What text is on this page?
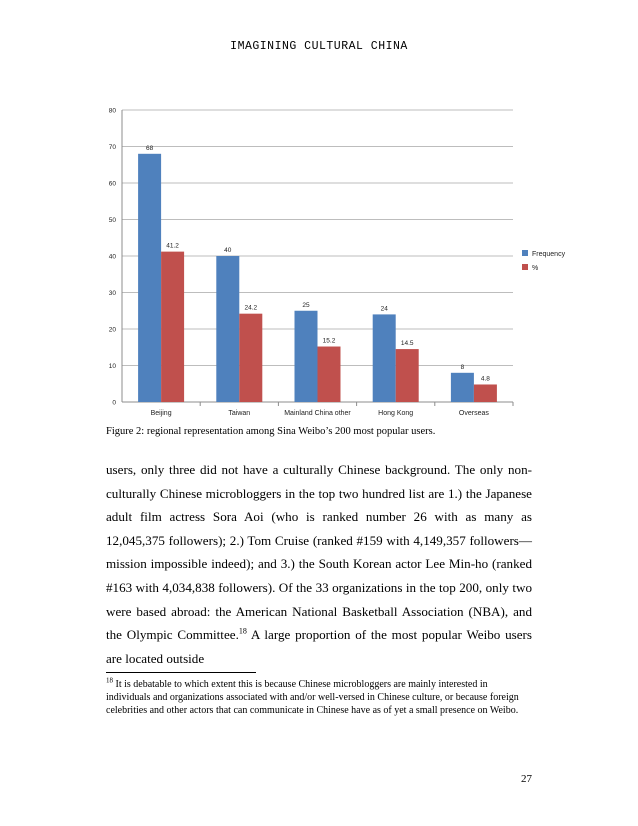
IMAGINING CULTURAL CHINA
0
10
20
30
40
50
60
70
80
68
41.2
Beijing
40
24.2
Taiwan
25
15.2
Mainland China other
24
14.5
Hong Kong
8
4.8
Overseas
Frequency
%
Figure 2: regional representation among Sina Weibo’s 200 most popular users.

users, only three did not have a culturally Chinese background. The only non-culturally Chinese microbloggers in the top two hundred list are 1.) the Japanese adult film actress Sora Aoi (who is ranked number 26 with as many as 12,045,375 followers); 2.) Tom Cruise (ranked #159 with 4,149,357 followers—mission impossible indeed); and 3.) the South Korean actor Lee Min-ho (ranked #163 with 4,034,838 followers). Of the 33 organizations in the top 200, only two were based abroad: the American National Basketball Association (NBA), and the Olympic Committee.$^{18}$ A large proportion of the most popular Weibo users are located outside

$^{18}$ It is debatable to which extent this is because Chinese microbloggers are mainly interested in individuals and organizations associated with and/or well-versed in Chinese culture, or because foreign celebrities and other actors that can communicate in Chinese have as of yet a small presence on Weibo.

27
